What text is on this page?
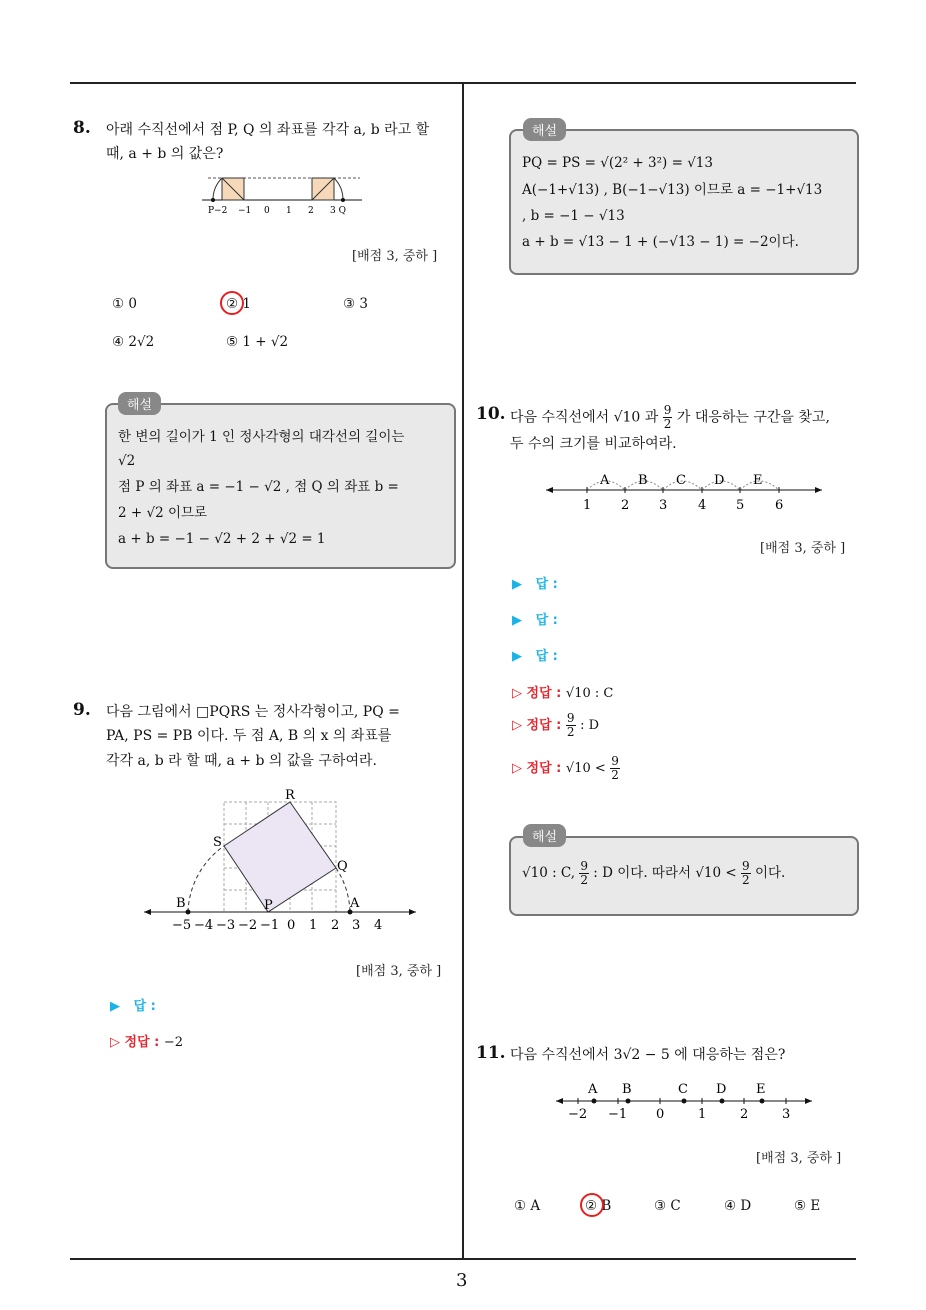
3
8. 아래 수직선에서 점 P, Q 의 좌표를 각각 a, b 라고 할
때, a + b 의 값은?
P−2 −1 0 1 2 3 Q
[배점 3, 중하 ]
① 0	② 1	③ 3
④ 2√2	⑤ 1 + √2
해설
한 변의 길이가 1 인 정사각형의 대각선의 길이는
√2
점 P 의 좌표 a = −1 − √2 , 점 Q 의 좌표 b =
2 + √2 이므로
a + b = −1 − √2 + 2 + √2 = 1
9. 다음 그림에서 □PQRS 는 정사각형이고, PQ =
PA, PS = PB 이다. 두 점 A, B 의 x 의 좌표를
각각 a, b 라 할 때, a + b 의 값을 구하여라.
R
S
Q
B	P	A
−5 −4 −3 −2 −1 0 1 2 3 4
[배점 3, 중하 ]
▶   답 :
▷ 정답 : −2
해설
PQ = PS = √(2² + 3²) = √13
A(−1+√13) , B(−1−√13) 이므로 a = −1+√13
, b = −1 − √13
a + b = √13 − 1 + (−√13 − 1) = −2이다.
10. 다음 수직선에서 √10 과 $\frac{9}{2}$ 가 대응하는 구간을 찾고,
두 수의 크기를 비교하여라.
A B C D E
1 2 3 4 5 6
[배점 3, 중하 ]
▶   답 :
▶   답 :
▶   답 :
▷ 정답 : √10 : C
▷ 정답 : $\frac{9}{2}$ : D
▷ 정답 : $√10 < \frac{9}{2}$
해설
√10 : C, $\frac{9}{2}$ : D 이다. 따라서 $√10 < \frac{9}{2}$ 이다.
11. 다음 수직선에서 3√2 − 5 에 대응하는 점은?
A B	C D E
−2 −1 0	1	2	3
[배점 3, 중하 ]
① A	② B	③ C	④ D	⑤ E
